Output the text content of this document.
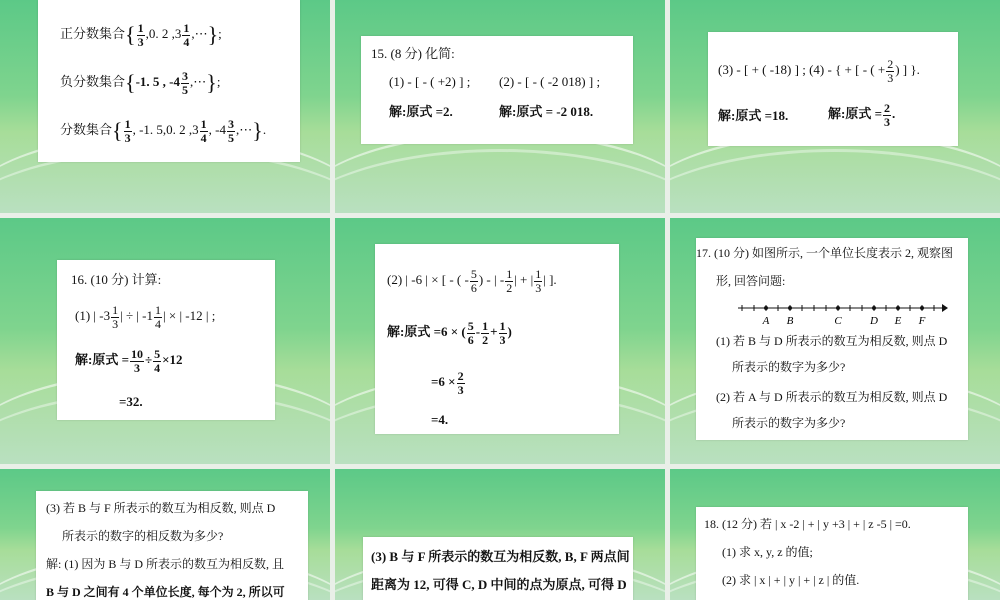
正分数集合{ $\frac{1}{3} ,0$. 2 $,3 \frac{1}{4}$ ,⋯};
负分数集合{-1. 5 , $-4 \frac{3}{5}$ ,⋯};
分数集合{ $\frac{1}{3}$ , -1. 5,0. 2 $,3 \frac{1}{4}$ , $-4 \frac{3}{5}$ ,⋯}.
15. (8 分) 化简:
(1) - [ - ( +2) ] ; (2) - [ - ( -2 018) ] ;
解:原式 =2.	解:原式 = -2 018.
(3) - [ + ( -18) ] ; (4) - { + [ - ( + $\frac{2}{3}$ ) ] }.
解:原式 =18.	解:原式 = $\frac{2}{3}$ .
16. (10 分) 计算:
(1) | $-3 \frac{1}{3}$ | ÷ | $-1 \frac{1}{4}$ | × | -12 | ;
解:原式 = $\frac{10}{3} \div \frac{5}{4} \times 12$
=32.
(2) | -6 | × [ - ( - $\frac{5}{6}$ ) - | - $\frac{1}{2}$ | + | $\frac{1}{3}$ | ].
解:原式 =6 × ( $\frac{5}{6} - \frac{1}{2} + \frac{1}{3}$ )
$=6 \times \frac{2}{3}$
=4.
17. (10 分) 如图所示, 一个单位长度表示 2, 观察图
形, 回答问题:
A B	C	D E F
(1) 若 B 与 D 所表示的数互为相反数, 则点 D
所表示的数字为多少?
(2) 若 A 与 D 所表示的数互为相反数, 则点 D
所表示的数字为多少?
(3) 若 B 与 F 所表示的数互为相反数, 则点 D
所表示的数字的相反数为多少?
解: (1) 因为 B 与 D 所表示的数互为相反数, 且
B 与 D 之间有 4 个单位长度, 每个为 2, 所以可
(3) B 与 F 所表示的数互为相反数, B, F 两点间
距离为 12, 可得 C, D 中间的点为原点, 可得 D
18. (12 分) 若 | x -2 | + | y +3 | + | z -5 | =0.
(1) 求 x, y, z 的值;
(2) 求 | x | + | y | + | z | 的值.
